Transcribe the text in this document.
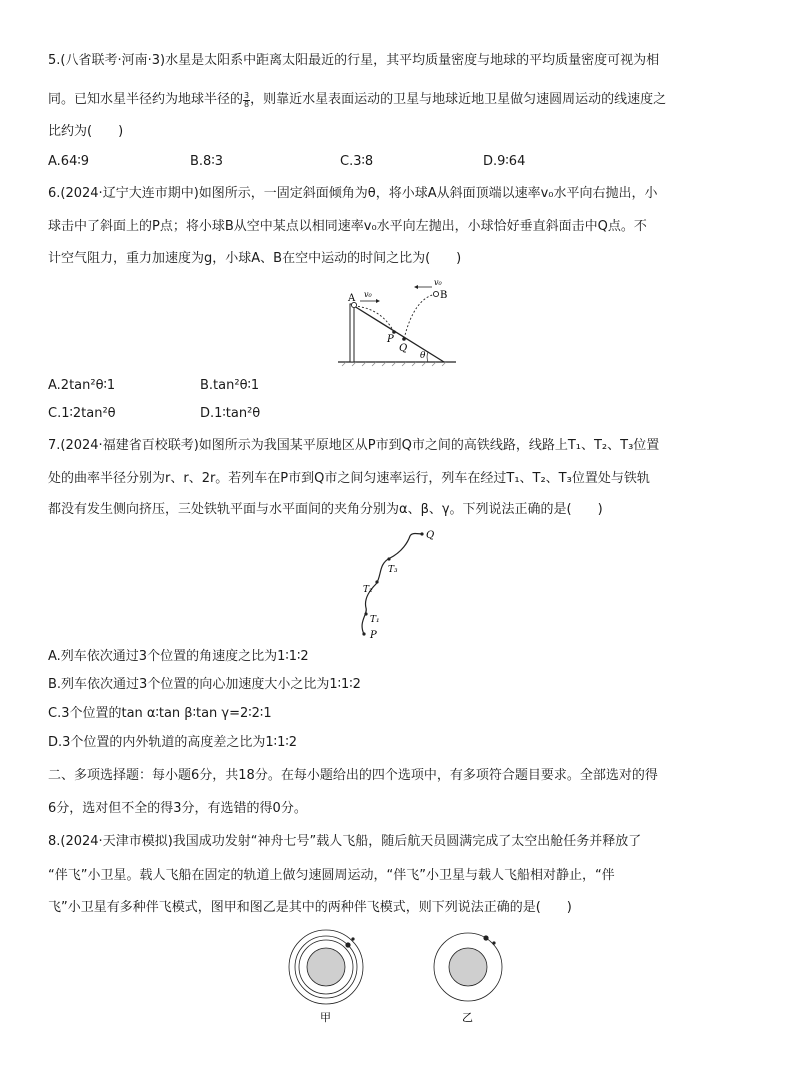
5.(八省联考·河南·3)水星是太阳系中距离太阳最近的行星，其平均质量密度与地球的平均质量密度可视为相
同。已知水星半径约为地球半径的 $\frac{3}{8}$ ，则靠近水星表面运动的卫星与地球近地卫星做匀速圆周运动的线速度之
比约为(　　)
A.64∶9	B.8∶3	C.3∶8	D.9∶64
6.(2024·辽宁大连市期中)如图所示，一固定斜面倾角为θ，将小球A从斜面顶端以速率v₀水平向右抛出，小
球击中了斜面上的P点；将小球B从空中某点以相同速率v₀水平向左抛出，小球恰好垂直斜面击中Q点。不
计空气阻力，重力加速度为g，小球A、B在空中运动的时间之比为(　　)
A v₀	B
v₀
P
Q
θ
A.2tan²θ∶1	B.tan²θ∶1
C.1∶2tan²θ	D.1∶tan²θ
7.(2024·福建省百校联考)如图所示为我国某平原地区从P市到Q市之间的高铁线路，线路上T₁、T₂、T₃位置
处的曲率半径分别为r、r、2r。若列车在P市到Q市之间匀速率运行，列车在经过T₁、T₂、T₃位置处与铁轨
都没有发生侧向挤压，三处铁轨平面与水平面间的夹角分别为α、β、γ。下列说法正确的是(　　)
Q
T₃
T₂
T₁
P
A.列车依次通过3个位置的角速度之比为1∶1∶2
B.列车依次通过3个位置的向心加速度大小之比为1∶1∶2
C.3个位置的tan α∶tan β∶tan γ=2∶2∶1
D.3个位置的内外轨道的高度差之比为1∶1∶2
二、多项选择题：每小题6分，共18分。在每小题给出的四个选项中，有多项符合题目要求。全部选对的得
6分，选对但不全的得3分，有选错的得0分。
8.(2024·天津市模拟)我国成功发射“神舟七号”载人飞船，随后航天员圆满完成了太空出舱任务并释放了
“伴飞”小卫星。载人飞船在固定的轨道上做匀速圆周运动，“伴飞”小卫星与载人飞船相对静止，“伴
飞”小卫星有多种伴飞模式，图甲和图乙是其中的两种伴飞模式，则下列说法正确的是(　　)
甲	乙
